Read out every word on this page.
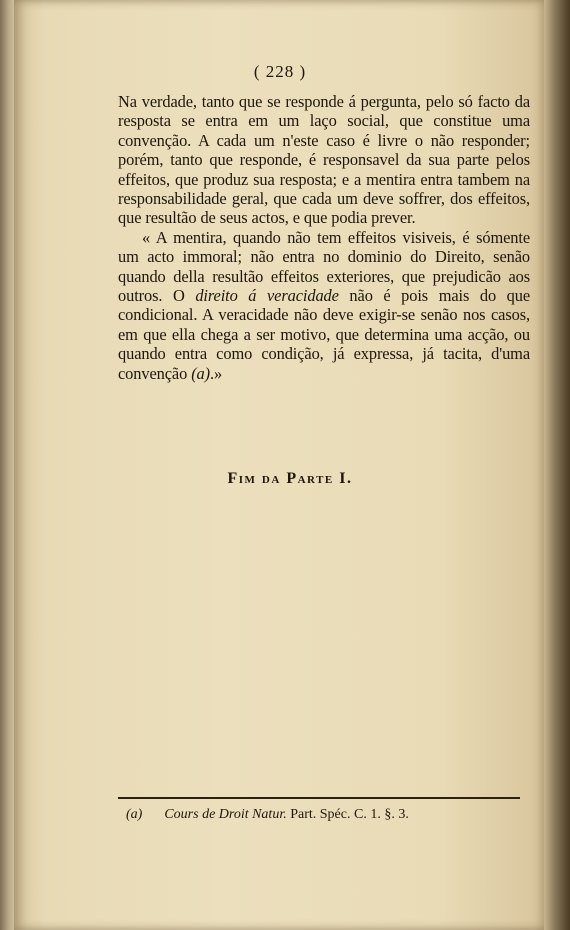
( 228 )

Na verdade, tanto que se responde á pergunta, pelo só facto da resposta se entra em um laço social, que constitue uma convenção. A cada um n'este caso é livre o não responder; porém, tanto que responde, é responsavel da sua parte pelos effeitos, que produz sua resposta; e a mentira entra tambem na responsabilidade geral, que cada um deve soffrer, dos effeitos, que resultão de seus actos, e que podia prever.

« A mentira, quando não tem effeitos visiveis, é sómente um acto immoral; não entra no dominio do Direito, senão quando della resultão effeitos exteriores, que prejudicão aos outros. O direito á veracidade não é pois mais do que condicional. A veracidade não deve exigir-se senão nos casos, em que ella chega a ser motivo, que determina uma acção, ou quando entra como condição, já expressa, já tacita, d'uma convenção (a).»

Fim da Parte I.
(a) Cours de Droit Natur. Part. Spéc. C. 1. §. 3.
